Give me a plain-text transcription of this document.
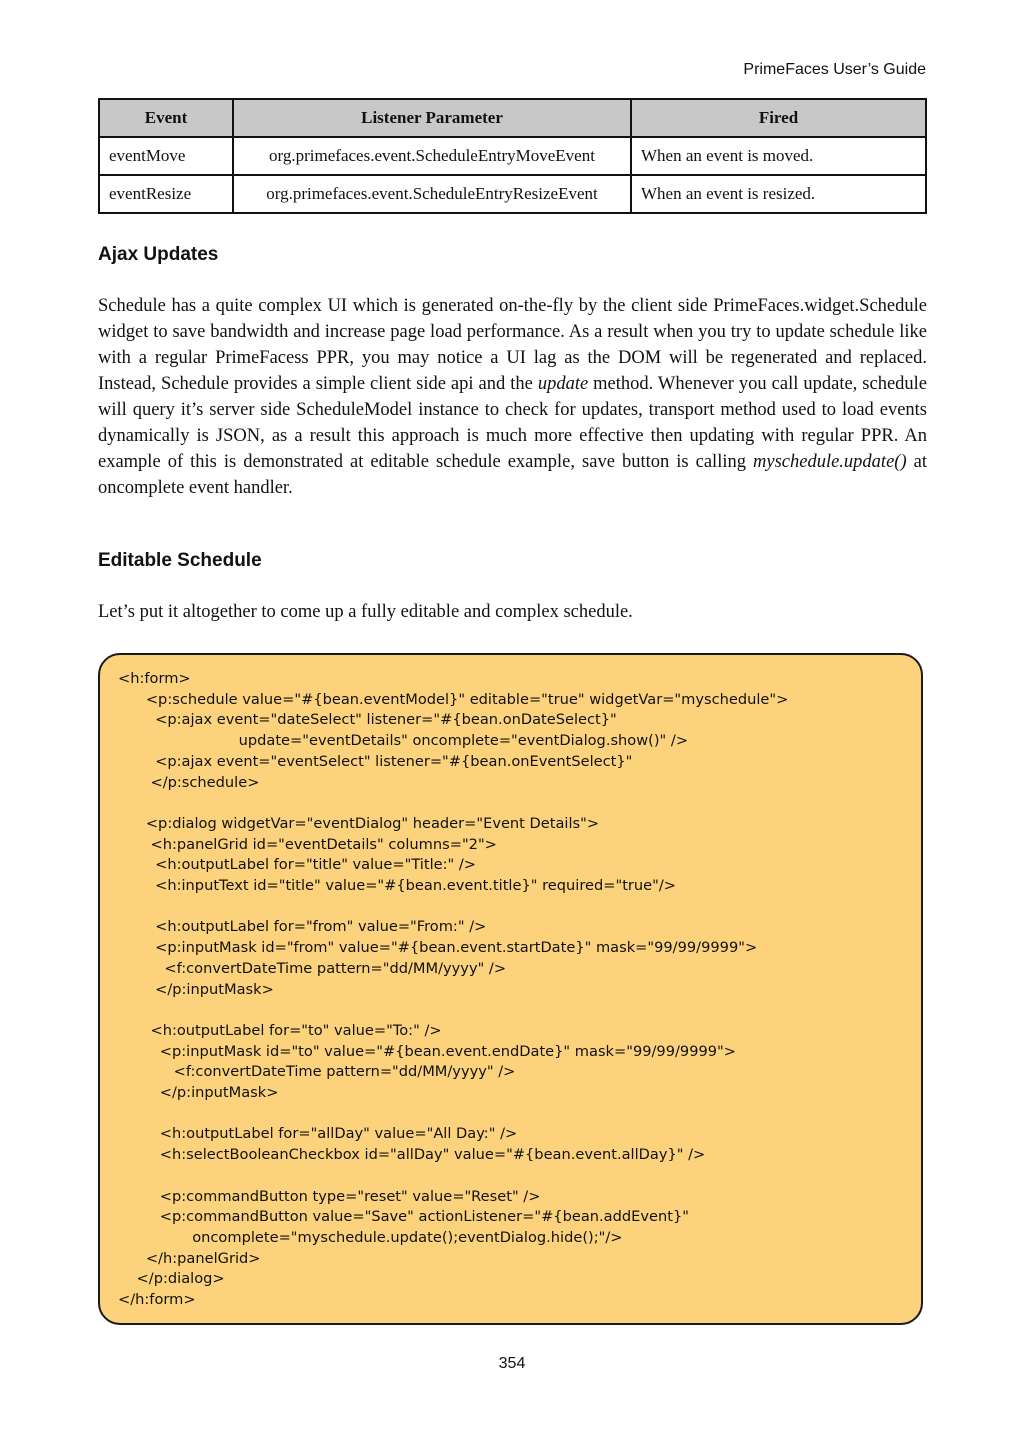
PrimeFaces User’s Guide
Event	Listener Parameter	Fired
eventMove	org.primefaces.event.ScheduleEntryMoveEvent	When an event is moved.
eventResize	org.primefaces.event.ScheduleEntryResizeEvent	When an event is resized.
Ajax Updates

Schedule has a quite complex UI which is generated on-the-fly by the client side PrimeFaces.widget.Schedule widget to save bandwidth and increase page load performance. As a result when you try to update schedule like with a regular PrimeFacess PPR, you may notice a UI lag as the DOM will be regenerated and replaced. Instead, Schedule provides a simple client side api and the update method. Whenever you call update, schedule will query it’s server side ScheduleModel instance to check for updates, transport method used to load events dynamically is JSON, as a result this approach is much more effective then updating with regular PPR. An example of this is demonstrated at editable schedule example, save button is calling myschedule.update() at oncomplete event handler.

Editable Schedule

Let’s put it altogether to come up a fully editable and complex schedule.

<h:form>
<p:schedule value="#{bean.eventModel}" editable="true" widgetVar="myschedule">
<p:ajax event="dateSelect" listener="#{bean.onDateSelect}"
update="eventDetails" oncomplete="eventDialog.show()" />
<p:ajax event="eventSelect" listener="#{bean.onEventSelect}"
</p:schedule>

<p:dialog widgetVar="eventDialog" header="Event Details">
<h:panelGrid id="eventDetails" columns="2">
<h:outputLabel for="title" value="Title:" />
<h:inputText id="title" value="#{bean.event.title}" required="true"/>

<h:outputLabel for="from" value="From:" />
<p:inputMask id="from" value="#{bean.event.startDate}" mask="99/99/9999">
<f:convertDateTime pattern="dd/MM/yyyy" />
</p:inputMask>

<h:outputLabel for="to" value="To:" />
<p:inputMask id="to" value="#{bean.event.endDate}" mask="99/99/9999">
<f:convertDateTime pattern="dd/MM/yyyy" />
</p:inputMask>

<h:outputLabel for="allDay" value="All Day:" />
<h:selectBooleanCheckbox id="allDay" value="#{bean.event.allDay}" />

<p:commandButton type="reset" value="Reset" />
<p:commandButton value="Save" actionListener="#{bean.addEvent}"
oncomplete="myschedule.update();eventDialog.hide();"/>
</h:panelGrid>
</p:dialog>
</h:form>
354
